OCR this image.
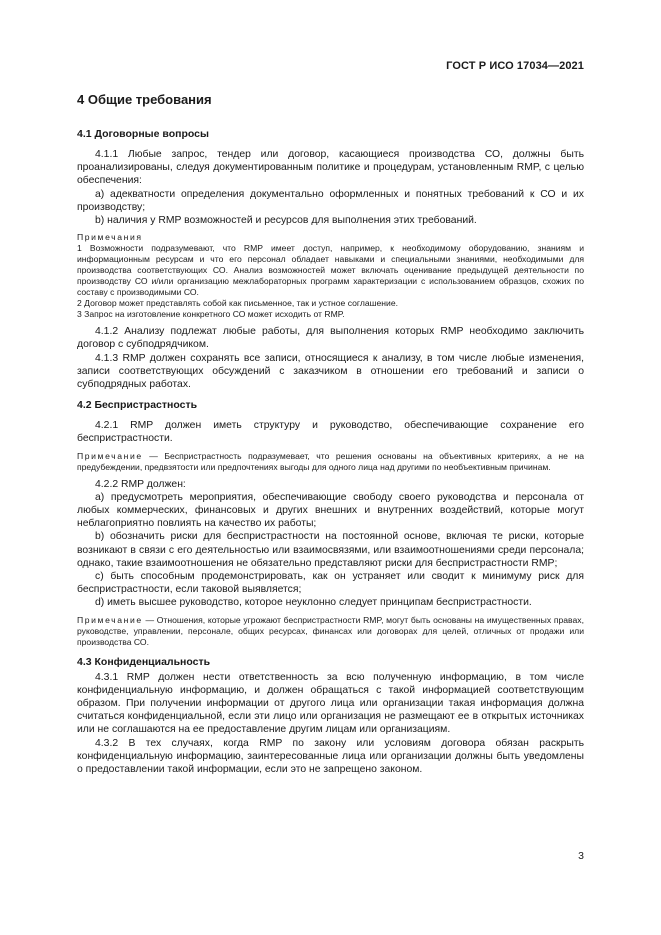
ГОСТ Р ИСО 17034—2021
4 Общие требования
4.1 Договорные вопросы

4.1.1 Любые запрос, тендер или договор, касающиеся производства СО, должны быть проанализированы, следуя документированным политике и процедурам, установленным RMP, с целью обеспечения:

а) адекватности определения документально оформленных и понятных требований к СО и их производству;

b) наличия у RMP возможностей и ресурсов для выполнения этих требований.

Примечания

1 Возможности подразумевают, что RMP имеет доступ, например, к необходимому оборудованию, знаниям и информационным ресурсам и что его персонал обладает навыками и специальными знаниями, необходимыми для производства соответствующих СО. Анализ возможностей может включать оценивание предыдущей деятельности по производству СО и/или организацию межлабораторных программ характеризации с использованием образцов, схожих по составу с производимыми СО.

2 Договор может представлять собой как письменное, так и устное соглашение.

3 Запрос на изготовление конкретного СО может исходить от RMP.

4.1.2 Анализу подлежат любые работы, для выполнения которых RMP необходимо заключить договор с субподрядчиком.

4.1.3 RMP должен сохранять все записи, относящиеся к анализу, в том числе любые изменения, записи соответствующих обсуждений с заказчиком в отношении его требований и записи о субподрядных работах.

4.2 Беспристрастность

4.2.1 RMP должен иметь структуру и руководство, обеспечивающие сохранение его беспристрастности.

Примечание — Беспристрастность подразумевает, что решения основаны на объективных критериях, а не на предубеждении, предвзятости или предпочтениях выгоды для одного лица над другими по необъективным причинам.

4.2.2 RMP должен:

а) предусмотреть мероприятия, обеспечивающие свободу своего руководства и персонала от любых коммерческих, финансовых и других внешних и внутренних воздействий, которые могут неблагоприятно повлиять на качество их работы;

b) обозначить риски для беспристрастности на постоянной основе, включая те риски, которые возникают в связи с его деятельностью или взаимосвязями, или взаимоотношениями среди персонала; однако, такие взаимоотношения не обязательно представляют риски для беспристрастности RMP;

c) быть способным продемонстрировать, как он устраняет или сводит к минимуму риск для беспристрастности, если таковой выявляется;

d) иметь высшее руководство, которое неуклонно следует принципам беспристрастности.

Примечание — Отношения, которые угрожают беспристрастности RMP, могут быть основаны на имущественных правах, руководстве, управлении, персонале, общих ресурсах, финансах или договорах для целей, отличных от продажи или производства СО.

4.3 Конфиденциальность

4.3.1 RMP должен нести ответственность за всю полученную информацию, в том числе конфиденциальную информацию, и должен обращаться с такой информацией соответствующим образом. При получении информации от другого лица или организации такая информация должна считаться конфиденциальной, если эти лицо или организация не размещают ее в открытых источниках или не соглашаются на ее предоставление другим лицам или организациям.

4.3.2 В тех случаях, когда RMP по закону или условиям договора обязан раскрыть конфиденциальную информацию, заинтересованные лица или организации должны быть уведомлены о предоставлении такой информации, если это не запрещено законом.

3
